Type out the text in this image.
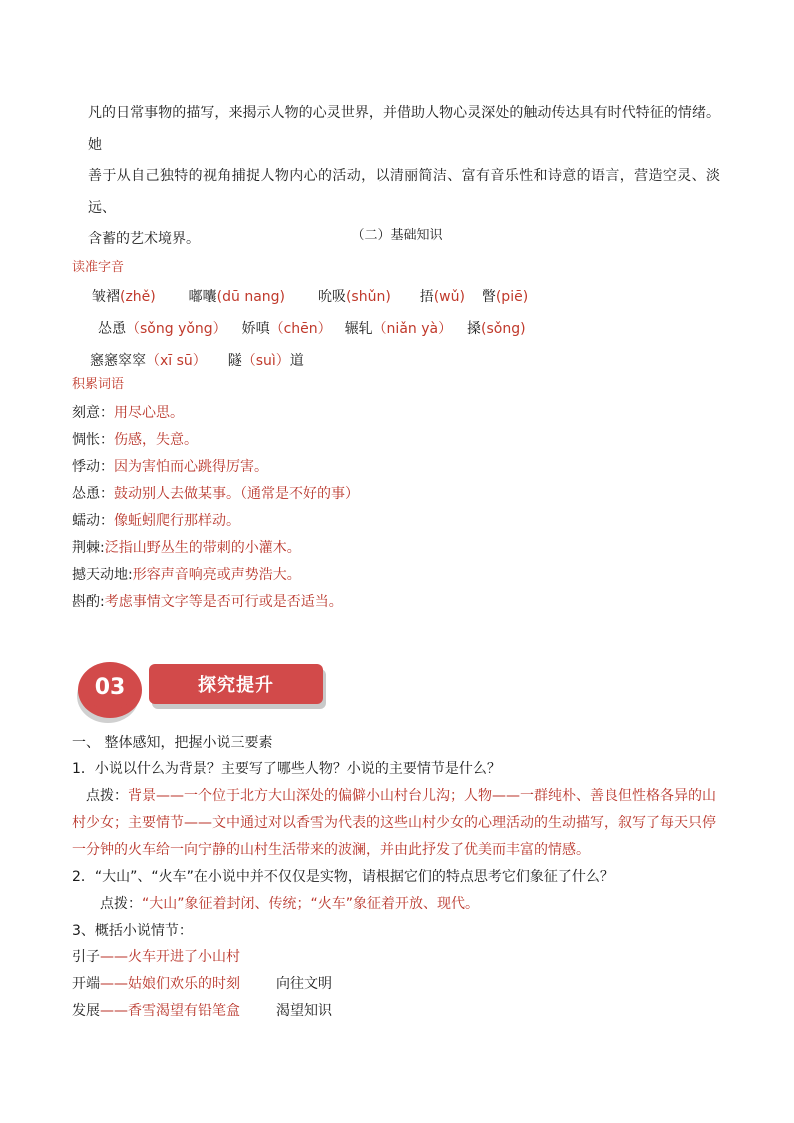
凡的日常事物的描写，来揭示人物的心灵世界，并借助人物心灵深处的触动传达具有时代特征的情绪。她

善于从自己独特的视角捕捉人物内心的活动，以清丽简洁、富有音乐性和诗意的语言，营造空灵、淡远、

含蓄的艺术境界。	（二）基础知识
读准字音
皱褶(zhě) 嘟囔(dū nang) 吮吸(shǔn) 捂(wǔ) 瞥(piē)
怂恿（sǒng yǒng） 娇嗔（chēn） 辗轧（niǎn yà） 搡(sǒng)
窸窸窣窣（xī sū） 隧（suì）道
积累词语
刻意：用尽心思。
惆怅：伤感，失意。
悸动：因为害怕而心跳得厉害。
怂恿：鼓动别人去做某事。（通常是不好的事）
蠕动：像蚯蚓爬行那样动。
荆棘:泛指山野丛生的带刺的小灌木。
撼天动地:形容声音响亮或声势浩大。
斟酌:考虑事情文字等是否可行或是否适当。
03	探究提升
一、 整体感知，把握小说三要素
1．小说以什么为背景？主要写了哪些人物？小说的主要情节是什么？
点拨：背景——一个位于北方大山深处的偏僻小山村台儿沟；人物——一群纯朴、善良但性格各异的山
村少女；主要情节——文中通过对以香雪为代表的这些山村少女的心理活动的生动描写，叙写了每天只停
一分钟的火车给一向宁静的山村生活带来的波澜，并由此抒发了优美而丰富的情感。
2．“大山”、“火车”在小说中并不仅仅是实物，请根据它们的特点思考它们象征了什么？
点拨：“大山”象征着封闭、传统；“火车”象征着开放、现代。
3、概括小说情节：
引子——火车开进了小山村
开端——姑娘们欢乐的时刻	向往文明
发展——香雪渴望有铅笔盒	渴望知识
